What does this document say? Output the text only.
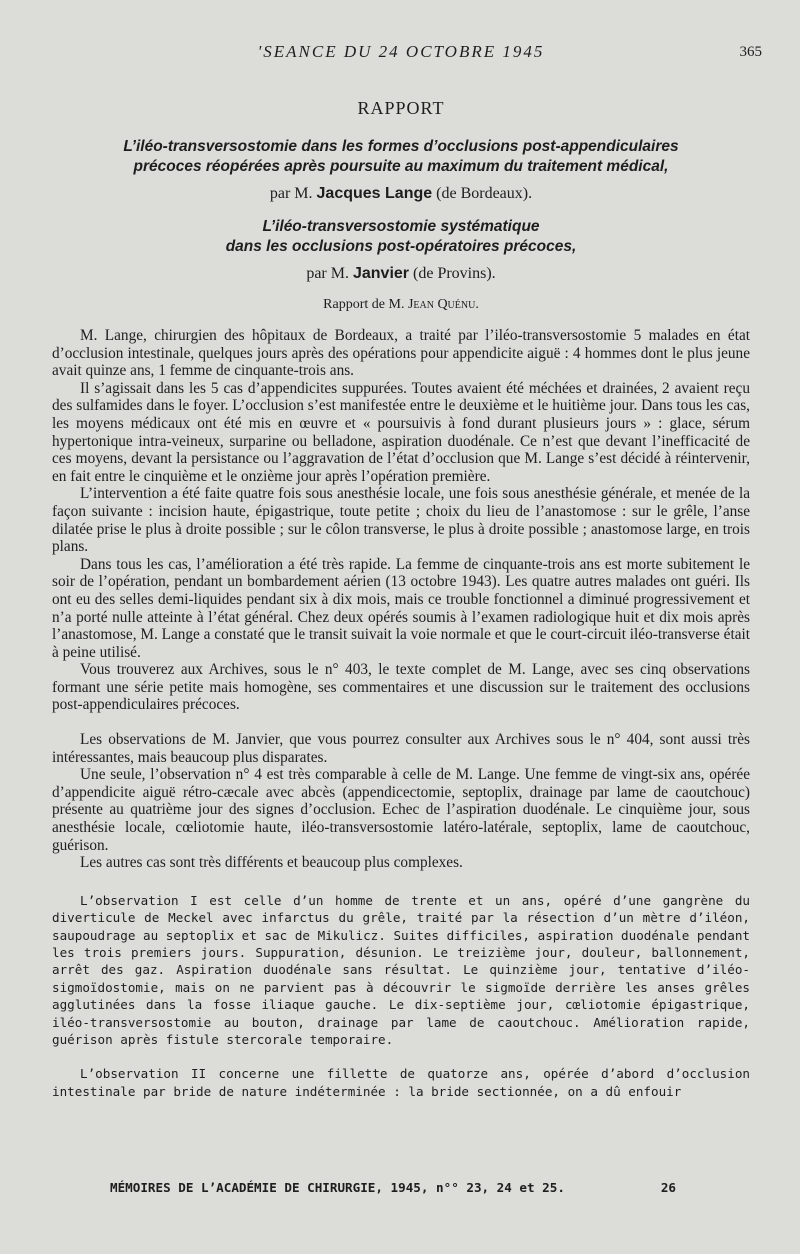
'SEANCE DU 24 OCTOBRE 1945	365
RAPPORT
L’iléo-transversostomie dans les formes d’occlusions post-appendiculaires
précoces réopérées après poursuite au maximum du traitement médical,
par M. Jacques Lange (de Bordeaux).
L’iléo-transversostomie systématique
dans les occlusions post-opératoires précoces,
par M. Janvier (de Provins).
Rapport de M. Jean Quénu.

M. Lange, chirurgien des hôpitaux de Bordeaux, a traité par l’iléo-transversostomie 5 malades en état d’occlusion intestinale, quelques jours après des opérations pour appendicite aiguë : 4 hommes dont le plus jeune avait quinze ans, 1 femme de cinquante-trois ans.

Il s’agissait dans les 5 cas d’appendicites suppurées. Toutes avaient été méchées et drainées, 2 avaient reçu des sulfamides dans le foyer. L’occlusion s’est manifestée entre le deuxième et le huitième jour. Dans tous les cas, les moyens médicaux ont été mis en œuvre et « poursuivis à fond durant plusieurs jours » : glace, sérum hypertonique intra-veineux, surparine ou belladone, aspiration duodénale. Ce n’est que devant l’inefficacité de ces moyens, devant la persistance ou l’aggravation de l’état d’occlusion que M. Lange s’est décidé à réintervenir, en fait entre le cinquième et le onzième jour après l’opération première.

L’intervention a été faite quatre fois sous anesthésie locale, une fois sous anesthésie générale, et menée de la façon suivante : incision haute, épigastrique, toute petite ; choix du lieu de l’anastomose : sur le grêle, l’anse dilatée prise le plus à droite possible ; sur le côlon transverse, le plus à droite possible ; anastomose large, en trois plans.

Dans tous les cas, l’amélioration a été très rapide. La femme de cinquante-trois ans est morte subitement le soir de l’opération, pendant un bombardement aérien (13 octobre 1943). Les quatre autres malades ont guéri. Ils ont eu des selles demi-liquides pendant six à dix mois, mais ce trouble fonctionnel a diminué progressivement et n’a porté nulle atteinte à l’état général. Chez deux opérés soumis à l’examen radiologique huit et dix mois après l’anastomose, M. Lange a constaté que le transit suivait la voie normale et que le court-circuit iléo-transverse était à peine utilisé.

Vous trouverez aux Archives, sous le n° 403, le texte complet de M. Lange, avec ses cinq observations formant une série petite mais homogène, ses commentaires et une discussion sur le traitement des occlusions post-appendiculaires précoces.

Les observations de M. Janvier, que vous pourrez consulter aux Archives sous le n° 404, sont aussi très intéressantes, mais beaucoup plus disparates.

Une seule, l’observation n° 4 est très comparable à celle de M. Lange. Une femme de vingt-six ans, opérée d’appendicite aiguë rétro-cæcale avec abcès (appendicectomie, septoplix, drainage par lame de caoutchouc) présente au quatrième jour des signes d’occlusion. Echec de l’aspiration duodénale. Le cinquième jour, sous anesthésie locale, cœliotomie haute, iléo-transversostomie latéro-latérale, septoplix, lame de caoutchouc, guérison.

Les autres cas sont très différents et beaucoup plus complexes.

L’observation I est celle d’un homme de trente et un ans, opéré d’une gangrène du diverticule de Meckel avec infarctus du grêle, traité par la résection d’un mètre d’iléon, saupoudrage au septoplix et sac de Mikulicz. Suites difficiles, aspiration duodénale pendant les trois premiers jours. Suppuration, désunion. Le treizième jour, douleur, ballonnement, arrêt des gaz. Aspiration duodénale sans résultat. Le quinzième jour, tentative d’iléo-sigmoïdostomie, mais on ne parvient pas à découvrir le sigmoïde derrière les anses grêles agglutinées dans la fosse iliaque gauche. Le dix-septième jour, cœliotomie épigastrique, iléo-transversostomie au bouton, drainage par lame de caoutchouc. Amélioration rapide, guérison après fistule stercorale temporaire.

L’observation II concerne une fillette de quatorze ans, opérée d’abord d’occlusion intestinale par bride de nature indéterminée : la bride sectionnée, on a dû enfouir

MÉMOIRES DE L’ACADÉMIE DE CHIRURGIE, 1945, n°° 23, 24 et 25.	26
